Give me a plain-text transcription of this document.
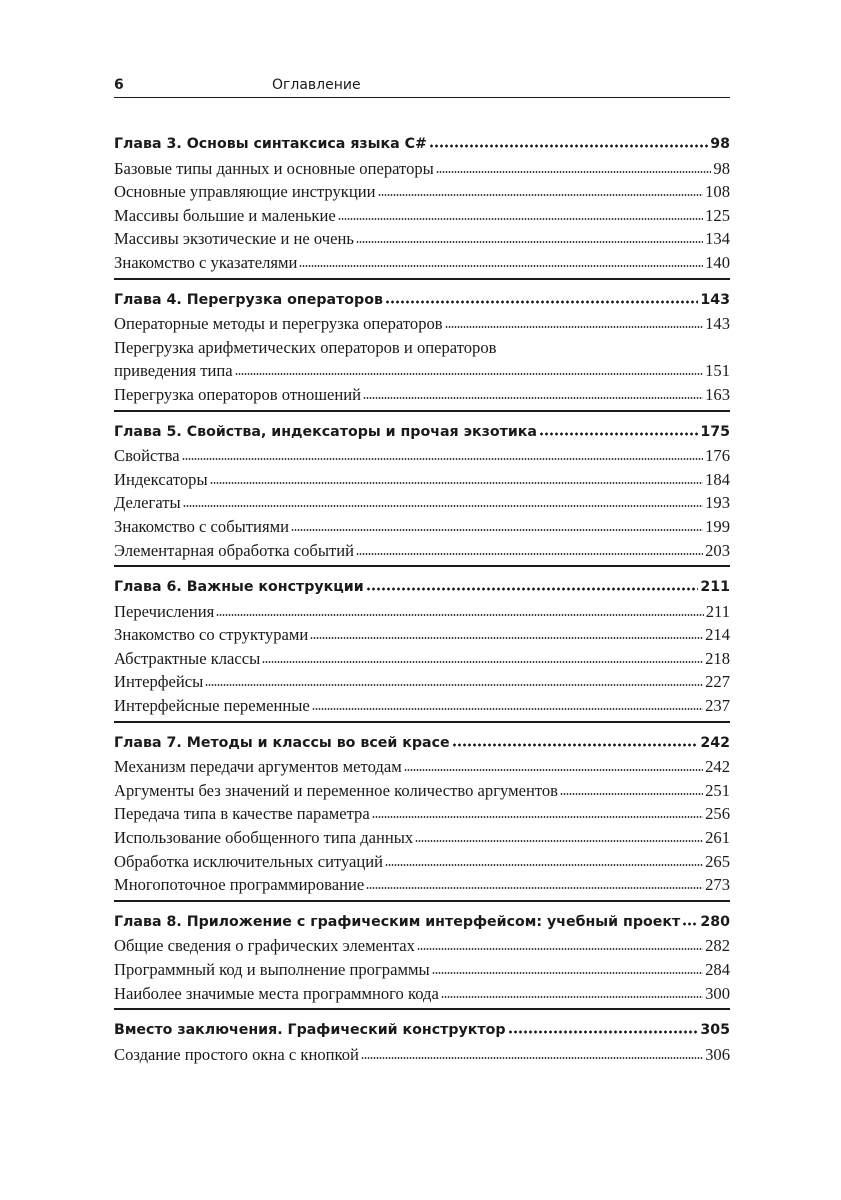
6	Оглавление
Глава 3. Основы синтаксиса языка C#	98
Базовые типы данных и основные операторы	98
Основные управляющие инструкции	108
Массивы большие и маленькие	125
Массивы экзотические и не очень	134
Знакомство с указателями	140
Глава 4. Перегрузка операторов	143
Операторные методы и перегрузка операторов	143
Перегрузка арифметических операторов и операторов
приведения типа	151
Перегрузка операторов отношений	163
Глава 5. Свойства, индексаторы и прочая экзотика	175
Свойства	176
Индексаторы	184
Делегаты	193
Знакомство с событиями	199
Элементарная обработка событий	203
Глава 6. Важные конструкции	211
Перечисления	211
Знакомство со структурами	214
Абстрактные классы	218
Интерфейсы	227
Интерфейсные переменные	237
Глава 7. Методы и классы во всей красе	242
Механизм передачи аргументов методам	242
Аргументы без значений и переменное количество аргументов	251
Передача типа в качестве параметра	256
Использование обобщенного типа данных	261
Обработка исключительных ситуаций	265
Многопоточное программирование	273
Глава 8. Приложение с графическим интерфейсом: учебный проект 280
Общие сведения о графических элементах	282
Программный код и выполнение программы	284
Наиболее значимые места программного кода	300
Вместо заключения. Графический конструктор	305
Создание простого окна с кнопкой	306
